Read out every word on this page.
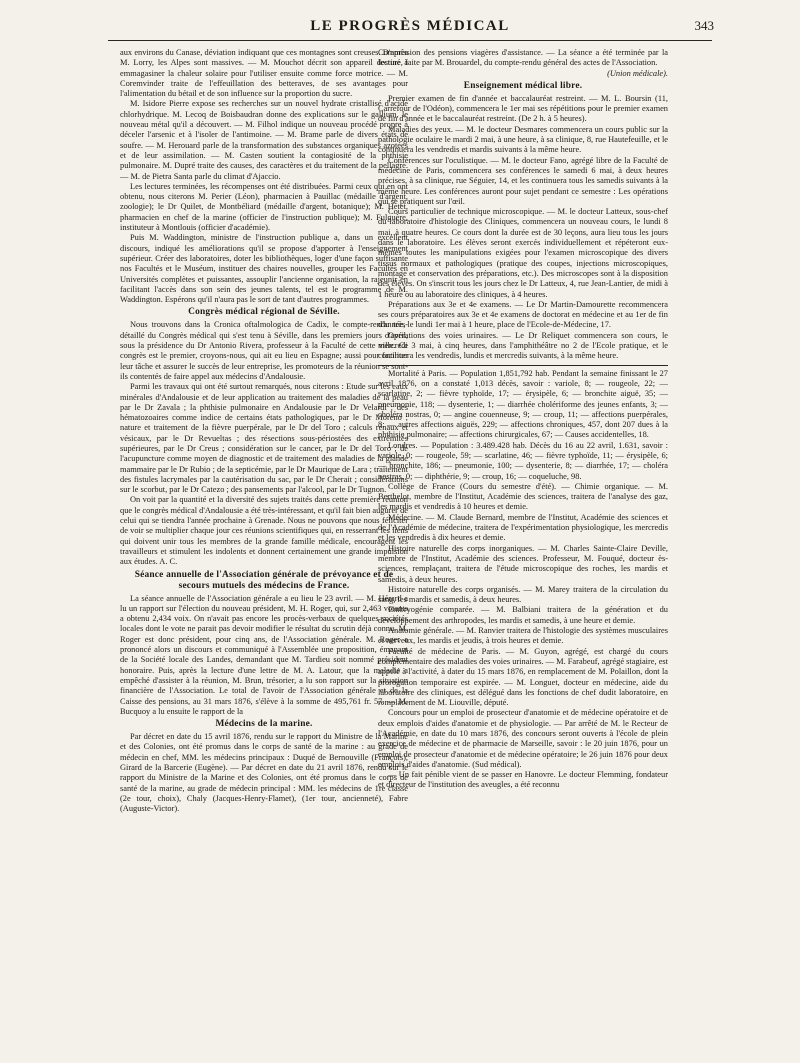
LE PROGRÈS MÉDICAL	343

aux environs du Canase, déviation indiquant que ces montagnes sont creuses. D'après M. Lorry, les Alpes sont massives. — M. Mouchot décrit son appareil destiné à emmagasiner la chaleur solaire pour l'utiliser ensuite comme force motrice. — M. Coremvinder traite de l'effeuillation des betteraves, de ses avantages pour l'alimentation du bétail et de son influence sur la proportion du sucre.

M. Isidore Pierre expose ses recherches sur un nouvel hydrate cristallisé d'acide chlorhydrique. M. Lecoq de Boisbaudran donne des explications sur le gallium, le nouveau métal qu'il a découvert. — M. Filhol indique un nouveau procédé propre à déceler l'arsenic et à l'isoler de l'antimoine. — M. Brame parle de divers états de soufre. — M. Herouard parle de la transformation des substances organiques azotées et de leur assimilation. — M. Casten soutient la contagiosité de la phthisie pulmonaire. M. Dupré traite des causes, des caractères et du traitement de la pellagre. — M. de Pietra Santa parle du climat d'Ajaccio.

Les lectures terminées, les récompenses ont été distribuées. Parmi ceux qui en ont obtenu, nous citerons M. Perier (Léon), pharmacien à Pauillac (médaille d'argent, zoologie); le Dr Quilet, de Montbéliard (médaille d'argent, botanique); M. Hetet, pharmacien en chef de la marine (officier de l'instruction publique); M. Fulguère, instituteur à Montlouis (officier d'académie).

Puis M. Waddington, ministre de l'instruction publique a, dans un excellent discours, indiqué les améliorations qu'il se propose d'apporter à l'enseignement supérieur. Créer des laboratoires, doter les bibliothèques, loger d'une façon suffisante nos Facultés et le Muséum, instituer des chaires nouvelles, grouper les Facultés en Universités complètes et puissantes, assouplir l'ancienne organisation, la rajeunir en facilitant l'accès dans son sein des jeunes talents, tel est le programme de M. Waddington. Espérons qu'il n'aura pas le sort de tant d'autres programmes.

Congrès médical régional de Séville.

Nous trouvons dans la Cronica oftalmologica de Cadix, le compte-rendu très-détaillé du Congrès médical qui s'est tenu à Séville, dans les premiers jours d'avril, sous la présidence du Dr Antonio Rivera, professeur à la Faculté de cette ville. Ce congrès est le premier, croyons-nous, qui ait eu lieu en Espagne; aussi pour faciliter leur tâche et assurer le succès de leur entreprise, les promoteurs de la réunion se sont-ils contentés de faire appel aux médecins d'Andalousie.

Parmi les travaux qui ont été surtout remarqués, nous citerons : Etude sur les eaux minérales d'Andalousie et de leur application au traitement des maladies de la peau par le Dr Zavala ; la phthisie pulmonaire en Andalousie par le Dr Velardi ; des hématozoaires comme indice de certains états pathologiques, par le Dr Moreno ; nature et traitement de la fièvre puerpérale, par le Dr del Toro ; calculs rénaux et vésicaux, par le Dr Revueltas ; des résections sous-périostées des extrémités supérieures, par le Dr Creus ; considération sur le cancer, par le Dr del Toro ; de l'acupuncture comme moyen de diagnostic et de traitement des maladies de la glande mammaire par le Dr Rubio ; de la septicémie, par le Dr Maurique de Lara ; traitement des fistules lacrymales par la cautérisation du sac, par le Dr Cherait ; considérations sur le scorbut, par le Dr Catezo ; des pansements par l'alcool, par le Dr Tugnon.

On voit par la quantité et la diversité des sujets traités dans cette première réunion que le congrès médical d'Andalousie a été très-intéressant, et qu'il fait bien augurer de celui qui se tiendra l'année prochaine à Grenade. Nous ne pouvons que nous féliciter de voir se multiplier chaque jour ces réunions scientifiques qui, en resserrant les liens qui doivent unir tous les membres de la grande famille médicale, encouragent les travailleurs et stimulent les indolents et donnent certainement une grande impulsion aux études. A. C.

Séance annuelle de l'Association générale de prévoyance et de secours mutuels des médecins de France.

La séance annuelle de l'Association générale a eu lieu le 23 avril. — M. Hérard a lu un rapport sur l'élection du nouveau président, M. H. Roger, qui, sur 2,463 votants a obtenu 2,434 voix. On n'avait pas encore les procès-verbaux de quelques sociétés locales dont le vote ne parait pas devoir modifier le résultat du scrutin déjà connu. M. Roger est donc président, pour cinq ans, de l'Association générale. M. Roger a prononcé alors un discours et communiqué à l'Assemblée une proposition, émanant de la Société locale des Landes, demandant que M. Tardieu soit nommé président honoraire. Puis, après la lecture d'une lettre de M. A. Latour, que la maladie a empêché d'assister à la réunion, M. Brun, trésorier, a lu son rapport sur la situation financière de l'Association. Le total de l'avoir de l'Association générale et de la Caisse des pensions, au 31 mars 1876, s'élève à la somme de 495,761 fr. 57. — M. Bucquoy a lu ensuite le rapport de la

Médecins de la marine.

Par décret en date du 15 avril 1876, rendu sur le rapport du Ministre de la Marine et des Colonies, ont été promus dans le corps de santé de la marine : au grade de médecin en chef, MM. les médecins principaux : Duqué de Bernouville (François), Girard de la Barcerie (Eugène). — Par décret en date du 21 avril 1876, rendu sur le rapport du Ministre de la Marine et des Colonies, ont été promus dans le corps de santé de la marine, au grade de médecin principal : MM. les médecins de 1re classe (2e tour, choix), Chaly (Jacques-Henry-Flamet), (1er tour, ancienneté), Fabre (Auguste-Victor).

Commission des pensions viagères d'assistance. — La séance a été terminée par la lecture, faite par M. Brouardel, du compte-rendu général des actes de l'Association.

(Union médicale).
Enseignement médical libre.

Premier examen de fin d'année et baccalauréat restreint. — M. L. Boursin (11, Carrefour de l'Odéon), commencera le 1er mai ses répétitions pour le premier examen de fin d'année et le baccalauréat restreint. (De 2 h. à 5 heures).

Maladies des yeux. — M. le docteur Desmares commencera un cours public sur la pathologie oculaire le mardi 2 mai, à une heure, à sa clinique, 8, rue Hautefeuille, et le continuera les vendredis et mardis suivants à la même heure.

Conférences sur l'oculistique. — M. le docteur Fano, agrégé libre de la Faculté de médecine de Paris, commencera ses conférences le samedi 6 mai, à deux heures précises, à sa clinique, rue Séguier, 14, et les continuera tous les samedis suivants à la même heure. Les conférences auront pour sujet pendant ce semestre : Les opérations qui se pratiquent sur l'œil.

Cours particulier de technique microscopique. — M. le docteur Latteux, sous-chef du laboratoire d'histologie des Cliniques, commencera un nouveau cours, le lundi 8 mai, à quatre heures. Ce cours dont la durée est de 30 leçons, aura lieu tous les jours dans le laboratoire. Les élèves seront exercés individuellement et répéteront eux-mêmes toutes les manipulations exigées pour l'examen microscopique des divers tissus normaux et pathologiques (pratique des coupes, injections microscopiques, montage et conservation des préparations, etc.). Des microscopes sont à la disposition des élèves. On s'inscrit tous les jours chez le Dr Latteux, 4, rue Jean-Lantier, de midi à 1 heure ou au laboratoire des cliniques, à 4 heures.

Préparations aux 3e et 4e examens. — Le Dr Martin-Damourette recommencera ses cours préparatoires aux 3e et 4e examens de doctorat en médecine et au 1er de fin d'année, le lundi 1er mai à 1 heure, place de l'Ecole-de-Médecine, 17.

Opérations des voies urinaires. — Le Dr Reliquet commencera son cours, le mercredi 3 mai, à cinq heures, dans l'amphithéâtre no 2 de l'Ecole pratique, et le continuera les vendredis, lundis et mercredis suivants, à la même heure.

Mortalité à Paris. — Population 1,851,792 hab. Pendant la semaine finissant le 27 avril 1876, on a constaté 1,013 décès, savoir : variole, 8; — rougeole, 22; — scarlatine, 2; — fièvre typhoïde, 17; — érysipèle, 6; — bronchite aiguë, 35; — pneumonie, 118; — dysenterie, 1; — diarrhée cholériforme des jeunes enfants, 3; — choléra nostras, 0; — angine couenneuse, 9; — croup, 11; — affections puerpérales, 8; — autres affections aiguës, 229; — affections chroniques, 457, dont 207 dues à la phthisie pulmonaire; — affections chirurgicales, 67; — Causes accidentelles, 18.

Londres. — Population : 3.489.428 hab. Décès du 16 au 22 avril, 1.631, savoir : variole, 0; — rougeole, 59; — scarlatine, 46; — fièvre typhoïde, 11; — érysipèle, 6; — bronchite, 186; — pneumonie, 100; — dysenterie, 8; — diarrhée, 17; — choléra nostras, 0; — diphthérie, 9; — croup, 16; — coqueluche, 98.

Collège de France (Cours du semestre d'été). — Chimie organique. — M. Berthelot, membre de l'Institut, Académie des sciences, traitera de l'analyse des gaz, les mardis et vendredis à 10 heures et demie.

Médecine. — M. Claude Bernard, membre de l'Institut, Académie des sciences et de l'Académie de médecine, traitera de l'expérimentation physiologique, les mercredis et les vendredis à dix heures et demie.

Histoire naturelle des corps inorganiques. — M. Charles Sainte-Claire Deville, membre de l'Institut, Académie des sciences. Professeur, M. Fouqué, docteur ès-sciences, remplaçant, traitera de l'étude microscopique des roches, les mardis et samedis, à deux heures.

Histoire naturelle des corps organisés. — M. Marey traitera de la circulation du sang, les mardis et samedis, à deux heures.

Embryogénie comparée. — M. Balbiani traitera de la génération et du développement des arthropodes, les mardis et samedis, à une heure et demie.

Anatomie générale. — M. Ranvier traitera de l'histologie des systèmes musculaires et nerveux, les mardis et jeudis, à trois heures et demie.

Faculté de médecine de Paris. — M. Guyon, agrégé, est chargé du cours complémentaire des maladies des voies urinaires. — M. Farabeuf, agrégé stagiaire, est appelé à l'activité, à dater du 15 mars 1876, en remplacement de M. Polaillon, dont la prorogation temporaire est expirée. — M. Longuet, docteur en médecine, aide du laboratoire des cliniques, est délégué dans les fonctions de chef dudit laboratoire, en remplacement de M. Liouville, député.

Concours pour un emploi de prosecteur d'anatomie et de médecine opératoire et de deux emplois d'aides d'anatomie et de physiologie. — Par arrêté de M. le Recteur de l'Académie, en date du 10 mars 1876, des concours seront ouverts à l'école de plein exercice de médecine et de pharmacie de Marseille, savoir : le 20 juin 1876, pour un emploi de prosecteur d'anatomie et de médecine opératoire; le 26 juin 1876 pour deux emplois d'aides d'anatomie. (Sud médical).

— Un fait pénible vient de se passer en Hanovre. Le docteur Flemming, fondateur et directeur de l'institution des aveugles, a été reconnu
